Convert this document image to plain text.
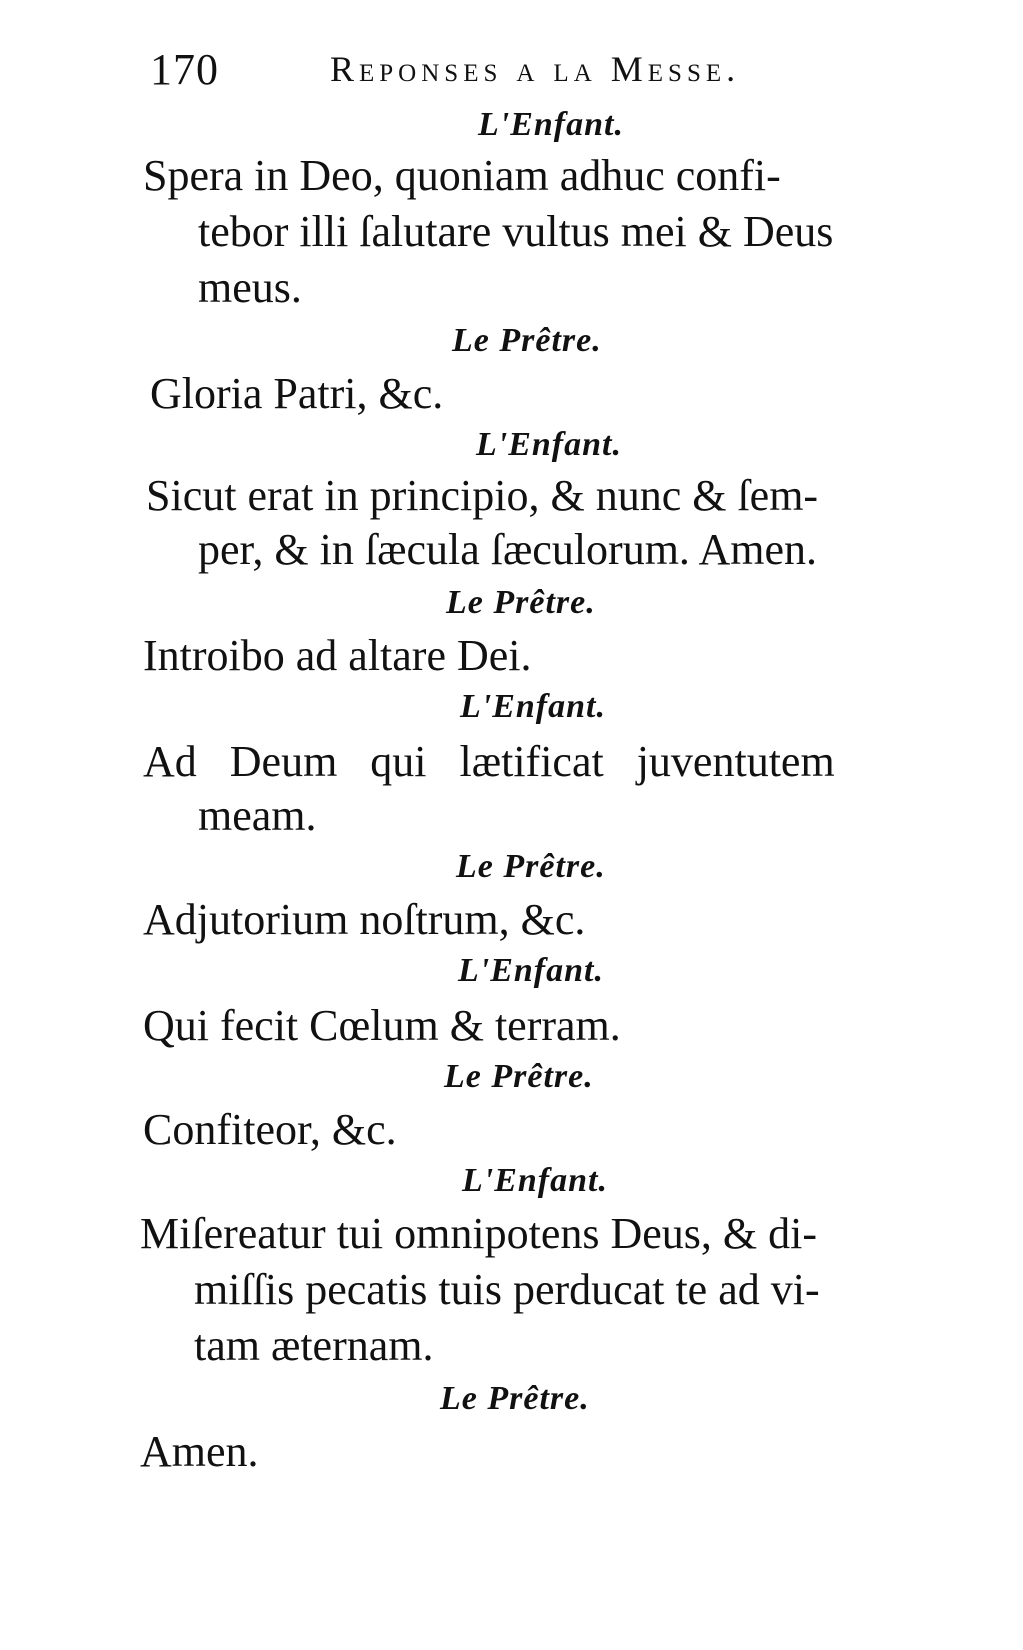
170	Reponses a la Messe.
L'Enfant.
Spera in Deo, quoniam adhuc confi-
tebor illi ſalutare vultus mei & Deus
meus.
Le Prêtre.
Gloria Patri, &c.
L'Enfant.
Sicut erat in principio, & nunc & ſem-
per, & in ſæcula ſæculorum. Amen.
Le Prêtre.
Introibo ad altare Dei.
L'Enfant.
Ad Deum qui lætificat juventutem
meam.
Le Prêtre.
Adjutorium noſtrum, &c.
L'Enfant.
Qui fecit Cœlum & terram.
Le Prêtre.
Confiteor, &c.
L'Enfant.
Miſereatur tui omnipotens Deus, & di-
miſſis pecatis tuis perducat te ad vi-
tam æternam.
Le Prêtre.
Amen.
